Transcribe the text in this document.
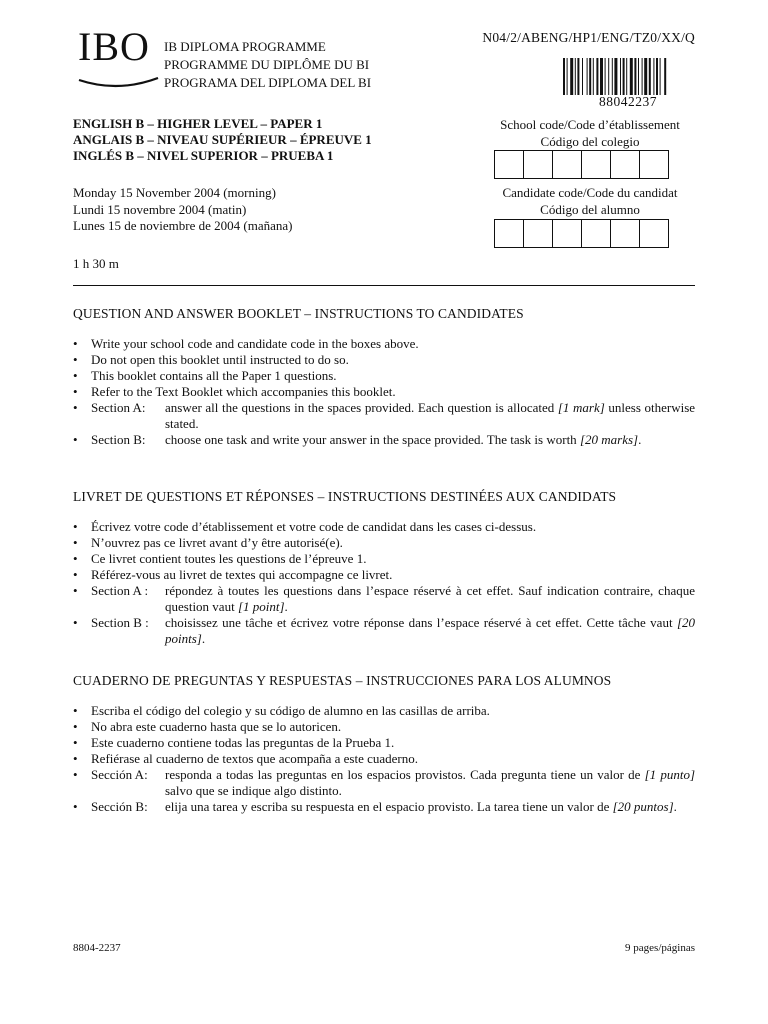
IBO IB DIPLOMA PROGRAMME
PROGRAMME DU DIPLÔME DU BI
PROGRAMA DEL DIPLOMA DEL BI
N04/2/ABENG/HP1/ENG/TZ0/XX/Q
88042237
ENGLISH B – HIGHER LEVEL – PAPER 1
ANGLAIS B – NIVEAU SUPÉRIEUR – ÉPREUVE 1
INGLÉS B – NIVEL SUPERIOR – PRUEBA 1
Monday 15 November 2004 (morning)
Lundi 15 novembre 2004 (matin)
Lunes 15 de noviembre de 2004 (mañana)
1 h 30 m
School code/Code d’établissement
Código del colegio
Candidate code/Code du candidat
Código del alumno
QUESTION AND ANSWER BOOKLET – INSTRUCTIONS TO CANDIDATES
• Write your school code and candidate code in the boxes above.
• Do not open this booklet until instructed to do so.
• This booklet contains all the Paper 1 questions.
• Refer to the Text Booklet which accompanies this booklet.
• Section A:	answer all the questions in the spaces provided. Each question is allocated [1 mark] unless otherwise stated.
• Section B:	choose one task and write your answer in the space provided. The task is worth [20 marks].
LIVRET DE QUESTIONS ET RÉPONSES – INSTRUCTIONS DESTINÉES AUX CANDIDATS
• Écrivez votre code d’établissement et votre code de candidat dans les cases ci-dessus.
• N’ouvrez pas ce livret avant d’y être autorisé(e).
• Ce livret contient toutes les questions de l’épreuve 1.
• Référez-vous au livret de textes qui accompagne ce livret.
• Section A :	répondez à toutes les questions dans l’espace réservé à cet effet. Sauf indication contraire, chaque question vaut [1 point].
• Section B :	choisissez une tâche et écrivez votre réponse dans l’espace réservé à cet effet. Cette tâche vaut [20 points].
CUADERNO DE PREGUNTAS Y RESPUESTAS – INSTRUCCIONES PARA LOS ALUMNOS
• Escriba el código del colegio y su código de alumno en las casillas de arriba.
• No abra este cuaderno hasta que se lo autoricen.
• Este cuaderno contiene todas las preguntas de la Prueba 1.
• Refiérase al cuaderno de textos que acompaña a este cuaderno.
• Sección A:	responda a todas las preguntas en los espacios provistos. Cada pregunta tiene un valor de [1 punto] salvo que se indique algo distinto.
• Sección B:	elija una tarea y escriba su respuesta en el espacio provisto. La tarea tiene un valor de [20 puntos].
8804-2237	9 pages/páginas
